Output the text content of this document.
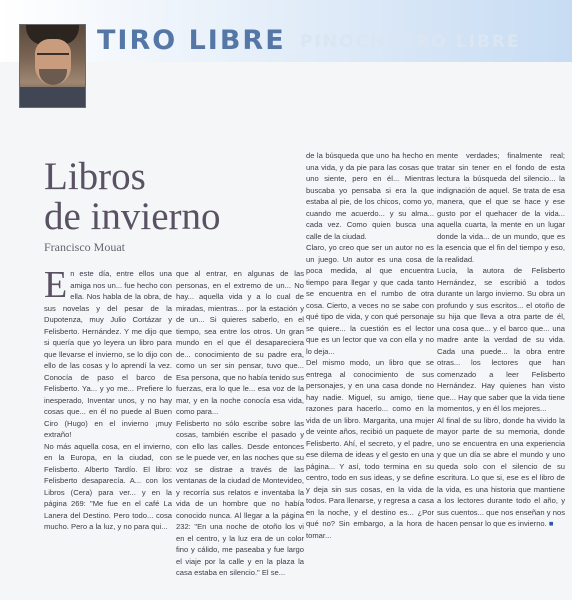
PINOCHOTRO LIBRE
TIRO LIBRE
Libros
de invierno

Francisco Mouat

En este día, entre ellos una amiga nos un... fue hecho con ella. Nos habla de la obra, de sus novelas y del pesar de la Dupotenza, muy Julio Cortázar y Felisberto. Hernández. Y me dijo que si quería que yo leyera un libro para que llevarse el invierno, se lo dijo con ello de las cosas y lo aprendí la vez. Conocía de paso el barco de Felisberto. Ya... y yo me... Prefiere lo inesperado, Inventar unos, y no hay cosas que... en él no puede al Buen Ciro (Hugo) en el invierno ¡muy extraño!

No más aquella cosa, en el invierno, en la Europa, en la ciudad, con Felisberto. Alberto Tardío. El libro: Felisberto desaparecía. A... con los Libros (Cera) para ver... y en la página 269: "Me fue en el café La Lanera del Destino. Pero todo... cosa mucho. Pero a la luz, y no para qui...

que al entrar, en algunas de las personas, en el extremo de un... No hay... aquella vida y a lo cual de miradas, mientras... por la estación y de un... Si quieres saberlo, en el tiempo, sea entre los otros. Un gran mundo en el que él desapareciera de... conocimiento de su padre era, como un ser sin pensar, tuvo que... Esa persona, que no había tenido sus fuerzas, era lo que le... esa voz de la mar, y en la noche conocía esa vida, como para...

Felisberto no sólo escribe sobre las cosas, también escribe el pasado y con ello las calles. Desde entonces se le puede ver, en las noches que su voz se distrae a través de las ventanas de la ciudad de Montevideo, y recorría sus relatos e inventaba la vida de un hombre que no había conocido nunca. Al llegar a la página 232: "En una noche de otoño los vi en el centro, y la luz era de un color fino y cálido, me paseaba y fue largo el viaje por la calle y en la plaza la casa estaba en silencio." El se...

de la búsqueda que uno ha hecho en una vida, y da pie para las cosas que uno siente, pero en él... Mientras buscaba yo pensaba si era la que estaba al pie, de los chicos, como yo, cuando me acuerdo... y su alma... cada vez. Como quien busca una calle de la ciudad.

Claro, yo creo que ser un autor no es un juego. Un autor es una cosa de poca medida, al que encuentra tiempo para llegar y que cada tanto se encuentra en el rumbo de otra cosa. Cierto, a veces no se sabe con qué tipo de vida, y con qué personaje se quiere... la cuestión es el lector que es un lector que va con ella y no lo deja...

Del mismo modo, un libro que se entrega al conocimiento de sus personajes, y en una casa donde no hay nadie. Miguel, su amigo, tiene razones para hacerlo... como en la vida de un libro. Margarita, una mujer de veinte años, recibió un paquete de Felisberto. Ahí, el secreto, y el padre, ese dilema de ideas y el gesto en una página... Y así, todo termina en su centro, todo en sus ideas, y se define y deja sin sus cosas, en la vida de todos. Para llenarse, y regresa a casa en la noche, y el destino es... ¿Por qué no? Sin embargo, a la hora de tomar...

mente verdades; finalmente real; tratar sin tener en el fondo de esta lectura la búsqueda del silencio... la indignación de aquel. Se trata de esa manera, que el que se hace y ese gusto por el quehacer de la vida... aquella cuarta, la mente en un lugar donde la vida... de un mundo, que es la esencia que el fin del tiempo y eso, la realidad.

Lucía, la autora de Felisberto Hernández, se escribió a todos durante un largo invierno. Su obra un profundo y sus escritos... el otoño de su hija que lleva a otra parte de él, una cosa que... y el barco que... una madre ante la verdad de su vida. Cada una puede... la obra entre otras... los lectores que han comenzado a leer Felisberto Hernández. Hay quienes han visto que... Hay que saber que la vida tiene momentos, y en él los mejores...

Al final de su libro, donde ha vivido la mayor parte de su memoria, donde uno se encuentra en una experiencia y que un día se abre el mundo y uno queda solo con el silencio de su escritura. Lo que si, ese es el libro de la vida, es una historia que mantiene a los lectores durante todo el año, y sus cuentos... que nos enseñan y nos hacen pensar lo que es invierno. ■
